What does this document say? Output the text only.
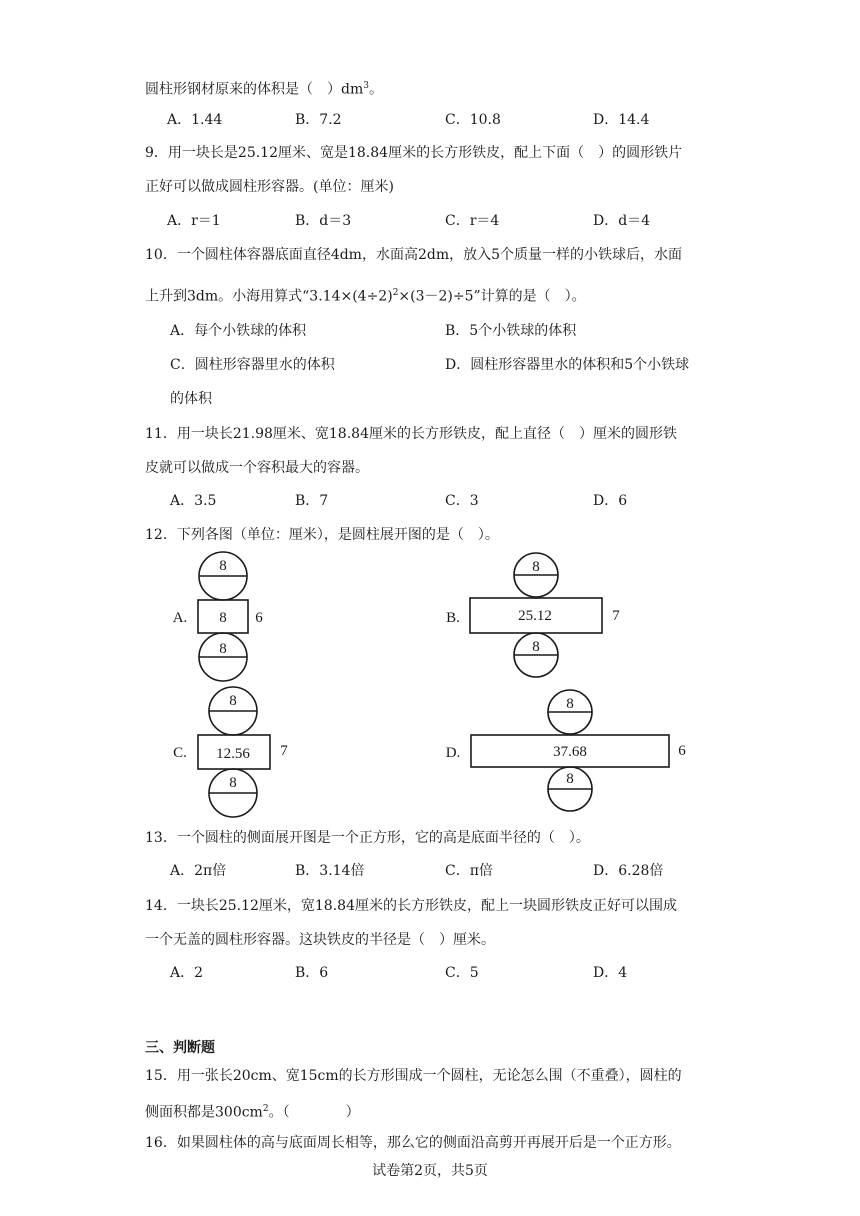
圆柱形钢材原来的体积是（　）$dm^3$。
A．1.44	B．7.2	C．10.8	D．14.4
9．用一块长是25.12厘米、宽是18.84厘米的长方形铁皮，配上下面（　）的圆形铁片
正好可以做成圆柱形容器。(单位：厘米)
A．r＝1	B．d＝3	C．r＝4	D．d＝4
10．一个圆柱体容器底面直径4dm，水面高2dm，放入5个质量一样的小铁球后，水面
上升到3dm。小海用算式“$3.14\times(4\div 2)^2\times(3-2)\div 5$”计算的是（　）。
A．每个小铁球的体积	B．5个小铁球的体积
C．圆柱形容器里水的体积	D．圆柱形容器里水的体积和5个小铁球
的体积
11．用一块长21.98厘米、宽18.84厘米的长方形铁皮，配上直径（　）厘米的圆形铁
皮就可以做成一个容积最大的容器。
A．3.5	B．7	C．3	D．6
12．下列各图（单位：厘米），是圆柱展开图的是（　）。
A.
8
8 6
8
B.
8
25.12	7
8
C.
8
12.56 7
8
D.
8
37.68	6
8
13．一个圆柱的侧面展开图是一个正方形，它的高是底面半径的（　）。
A．2π倍	B．3.14倍	C．π倍	D．6.28倍
14．一块长25.12厘米，宽18.84厘米的长方形铁皮，配上一块圆形铁皮正好可以围成
一个无盖的圆柱形容器。这块铁皮的半径是（　）厘米。
A．2	B．6	C．5	D．4
三、判断题
15．用一张长20cm、宽15cm的长方形围成一个圆柱，无论怎么围（不重叠），圆柱的
侧面积都是$300cm^2$。（　　　　）
16．如果圆柱体的高与底面周长相等，那么它的侧面沿高剪开再展开后是一个正方形。
试卷第2页，共5页
